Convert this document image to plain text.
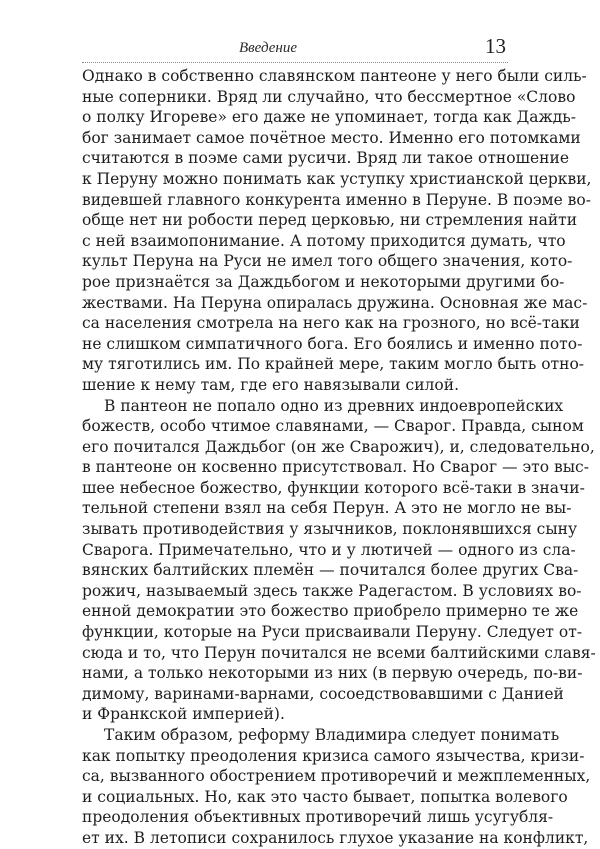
Введение	13
Однако в собственно славянском пантеоне у него были силь-
ные соперники. Вряд ли случайно, что бессмертное «Слово
о полку Игореве» его даже не упоминает, тогда как Даждь-
бог занимает самое почётное место. Именно его потомками
считаются в поэме сами русичи. Вряд ли такое отношение
к Перуну можно понимать как уступку христианской церкви,
видевшей главного конкурента именно в Перуне. В поэме во-
обще нет ни робости перед церковью, ни стремления найти
с ней взаимопонимание. А потому приходится думать, что
культ Перуна на Руси не имел того общего значения, кото-
рое признаётся за Даждьбогом и некоторыми другими бо-
жествами. На Перуна опиралась дружина. Основная же мас-
са населения смотрела на него как на грозного, но всё-таки
не слишком симпатичного бога. Его боялись и именно пото-
му тяготились им. По крайней мере, таким могло быть отно-
шение к нему там, где его навязывали силой.
В пантеон не попало одно из древних индоевропейских
божеств, особо чтимое славянами, — Сварог. Правда, сыном
его почитался Даждьбог (он же Сварожич), и, следовательно,
в пантеоне он косвенно присутствовал. Но Сварог — это выс-
шее небесное божество, функции которого всё-таки в значи-
тельной степени взял на себя Перун. А это не могло не вы-
зывать противодействия у язычников, поклонявшихся сыну
Сварога. Примечательно, что и у лютичей — одного из сла-
вянских балтийских племён — почитался более других Сва-
рожич, называемый здесь также Радегастом. В условиях во-
енной демократии это божество приобрело примерно те же
функции, которые на Руси присваивали Перуну. Следует от-
сюда и то, что Перун почитался не всеми балтийскими славя-
нами, а только некоторыми из них (в первую очередь, по-ви-
димому, варинами-варнами, сосоедствовавшими с Данией
и Франкской империей).
Таким образом, реформу Владимира следует понимать
как попытку преодоления кризиса самого язычества, кризи-
са, вызванного обострением противоречий и межплеменных,
и социальных. Но, как это часто бывает, попытка волевого
преодоления объективных противоречий лишь усугубля-
ет их. В летописи сохранилось глухое указание на конфликт,
